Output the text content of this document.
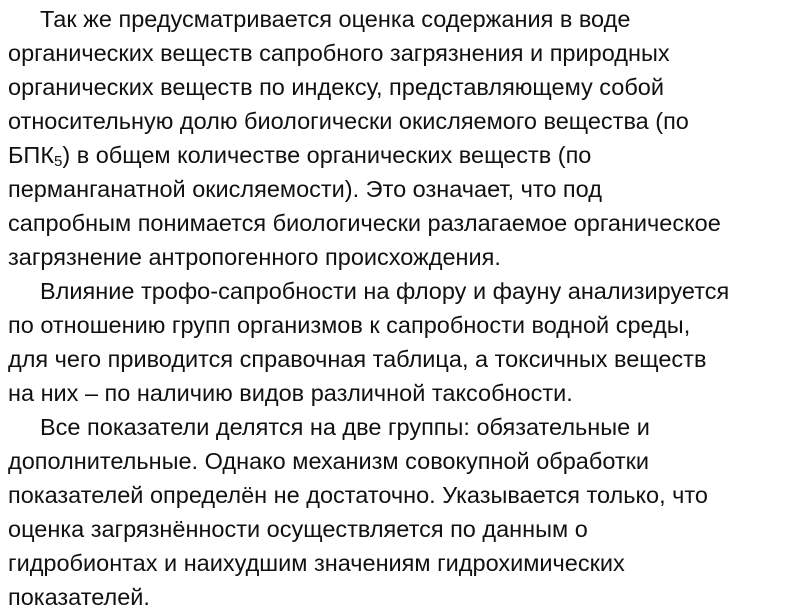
Так же предусматривается оценка содержания в воде
органических веществ сапробного загрязнения и природных
органических веществ по индексу, представляющему собой
относительную долю биологически окисляемого вещества (по
$БПК_5$) в общем количестве органических веществ (по
перманганатной окисляемости). Это означает, что под
сапробным понимается биологически разлагаемое органическое
загрязнение антропогенного происхождения.
Влияние трофо-сапробности на флору и фауну анализируется
по отношению групп организмов к сапробности водной среды,
для чего приводится справочная таблица, а токсичных веществ
на них – по наличию видов различной таксобности.
Все показатели делятся на две группы: обязательные и
дополнительные. Однако механизм совокупной обработки
показателей определён не достаточно. Указывается только, что
оценка загрязнённости осуществляется по данным о
гидробионтах и наихудшим значениям гидрохимических
показателей.
